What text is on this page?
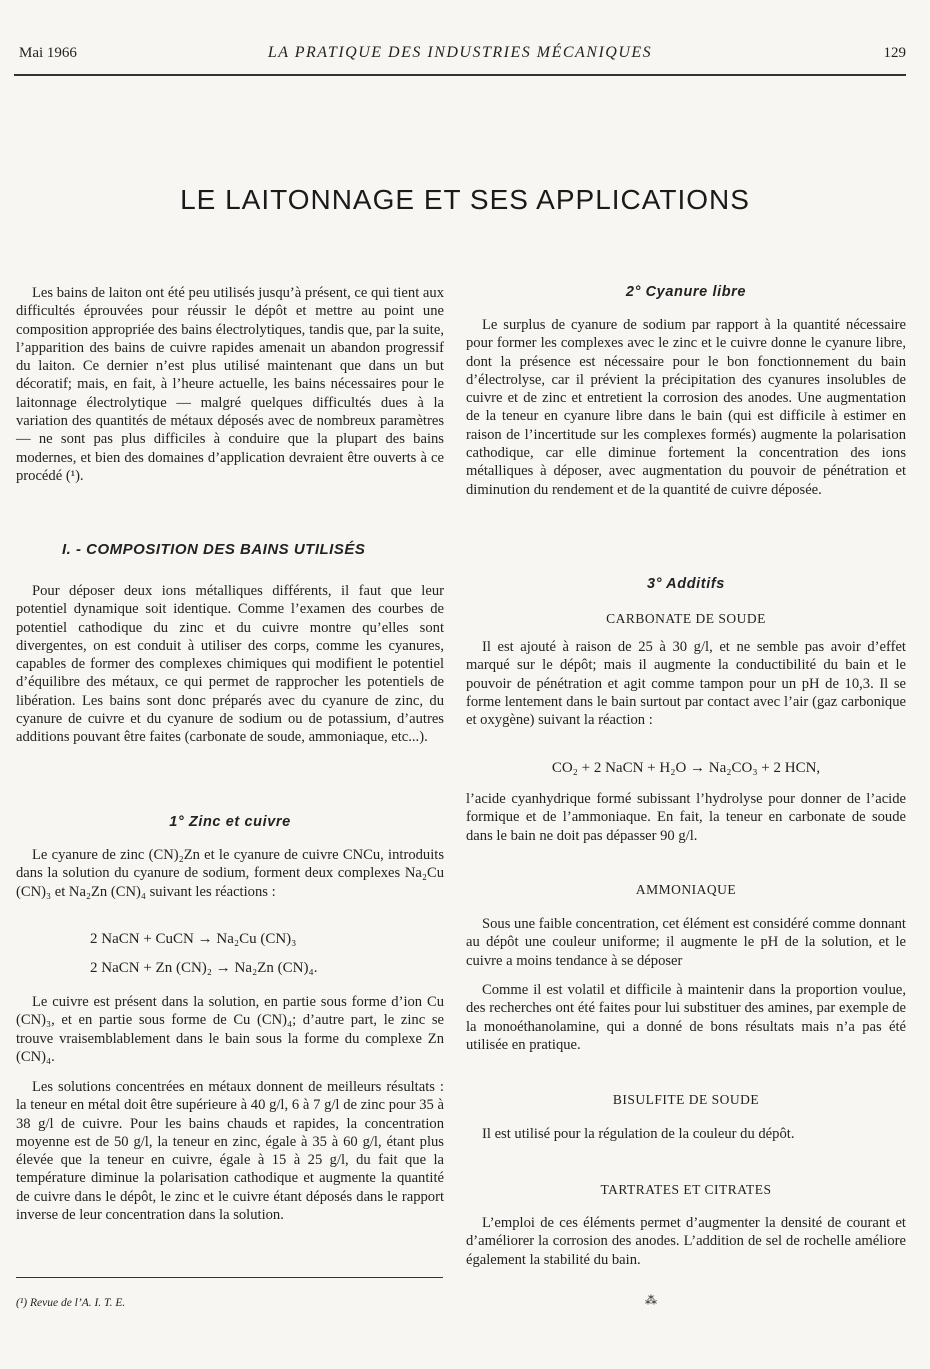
Mai 1966	LA PRATIQUE DES INDUSTRIES MÉCANIQUES	129
LE LAITONNAGE ET SES APPLICATIONS

Les bains de laiton ont été peu utilisés jusqu’à présent, ce qui tient aux difficultés éprouvées pour réussir le dépôt et mettre au point une composition appropriée des bains électrolytiques, tandis que, par la suite, l’apparition des bains de cuivre rapides amenait un abandon progressif du laiton. Ce dernier n’est plus utilisé maintenant que dans un but décoratif; mais, en fait, à l’heure actuelle, les bains nécessaires pour le laitonnage électrolytique — malgré quelques difficultés dues à la variation des quantités de métaux déposés avec de nombreux paramètres — ne sont pas plus difficiles à conduire que la plupart des bains modernes, et bien des domaines d’application devraient être ouverts à ce procédé (¹).

I. - COMPOSITION DES BAINS UTILISÉS

Pour déposer deux ions métalliques différents, il faut que leur potentiel dynamique soit identique. Comme l’examen des courbes de potentiel cathodique du zinc et du cuivre montre qu’elles sont divergentes, on est conduit à utiliser des corps, comme les cyanures, capables de former des complexes chimiques qui modifient le potentiel d’équilibre des métaux, ce qui permet de rapprocher les potentiels de libération. Les bains sont donc préparés avec du cyanure de zinc, du cyanure de cuivre et du cyanure de sodium ou de potassium, d’autres additions pouvant être faites (carbonate de soude, ammoniaque, etc...).

1° Zinc et cuivre

Le cyanure de zinc (CN)₂Zn et le cyanure de cuivre CNCu, introduits dans la solution du cyanure de sodium, forment deux complexes Na₂Cu (CN)₃ et Na₂Zn (CN)₄ suivant les réactions :

2 NaCN + CuCN → Na₂Cu (CN)₃
2 NaCN + Zn (CN)₂ → Na₂Zn (CN)₄.

Le cuivre est présent dans la solution, en partie sous forme d’ion Cu (CN)₃, et en partie sous forme de Cu (CN)₄; d’autre part, le zinc se trouve vraisemblablement dans le bain sous la forme du complexe Zn (CN)₄.

Les solutions concentrées en métaux donnent de meilleurs résultats : la teneur en métal doit être supérieure à 40 g/l, 6 à 7 g/l de zinc pour 35 à 38 g/l de cuivre. Pour les bains chauds et rapides, la concentration moyenne est de 50 g/l, la teneur en zinc, égale à 35 à 60 g/l, étant plus élevée que la teneur en cuivre, égale à 15 à 25 g/l, du fait que la température diminue la polarisation cathodique et augmente la quantité de cuivre dans le dépôt, le zinc et le cuivre étant déposés dans le rapport inverse de leur concentration dans la solution.

(¹) Revue de l’A. I. T. E.
2° Cyanure libre

Le surplus de cyanure de sodium par rapport à la quantité nécessaire pour former les complexes avec le zinc et le cuivre donne le cyanure libre, dont la présence est nécessaire pour le bon fonctionnement du bain d’électrolyse, car il prévient la précipitation des cyanures insolubles de cuivre et de zinc et entretient la corrosion des anodes. Une augmentation de la teneur en cyanure libre dans le bain (qui est difficile à estimer en raison de l’incertitude sur les complexes formés) augmente la polarisation cathodique, car elle diminue fortement la concentration des ions métalliques à déposer, avec augmentation du pouvoir de pénétration et diminution du rendement et de la quantité de cuivre déposée.

3° Additifs
CARBONATE DE SOUDE

Il est ajouté à raison de 25 à 30 g/l, et ne semble pas avoir d’effet marqué sur le dépôt; mais il augmente la conductibilité du bain et le pouvoir de pénétration et agit comme tampon pour un pH de 10,3. Il se forme lentement dans le bain surtout par contact avec l’air (gaz carbonique et oxygène) suivant la réaction :

CO₂ + 2 NaCN + H₂O → Na₂CO₃ + 2 HCN,

l’acide cyanhydrique formé subissant l’hydrolyse pour donner de l’acide formique et de l’ammoniaque. En fait, la teneur en carbonate de soude dans le bain ne doit pas dépasser 90 g/l.

AMMONIAQUE

Sous une faible concentration, cet élément est considéré comme donnant au dépôt une couleur uniforme; il augmente le pH de la solution, et le cuivre a moins tendance à se déposer

Comme il est volatil et difficile à maintenir dans la proportion voulue, des recherches ont été faites pour lui substituer des amines, par exemple de la monoéthanolamine, qui a donné de bons résultats mais n’a pas été utilisée en pratique.

BISULFITE DE SOUDE

Il est utilisé pour la régulation de la couleur du dépôt.

TARTRATES ET CITRATES

L’emploi de ces éléments permet d’augmenter la densité de courant et d’améliorer la corrosion des anodes. L’addition de sel de rochelle améliore également la stabilité du bain.

⁂
